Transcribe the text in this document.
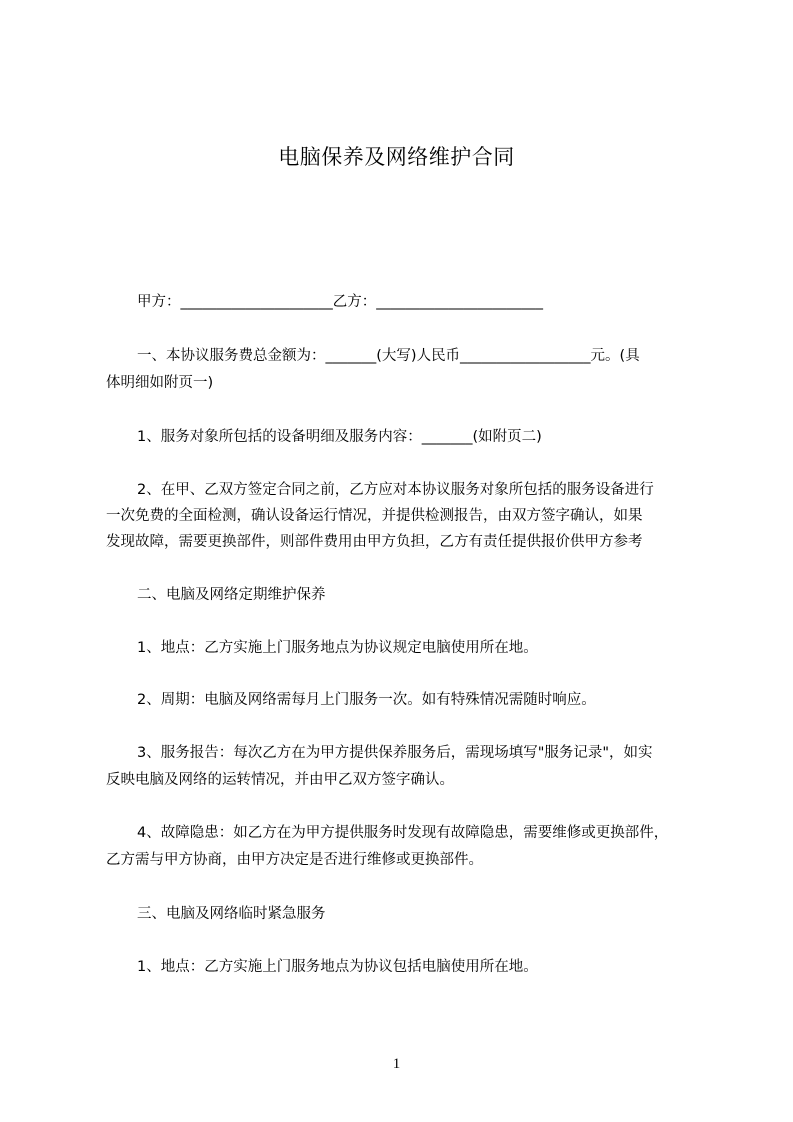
电脑保养及网络维护合同
甲方：_____________________乙方：_______________________
一、本协议服务费总金额为：_______(大写)人民币__________________元。(具
体明细如附页一)
1、服务对象所包括的设备明细及服务内容：_______(如附页二)
2、在甲、乙双方签定合同之前，乙方应对本协议服务对象所包括的服务设备进行
一次免费的全面检测，确认设备运行情况，并提供检测报告，由双方签字确认，如果
发现故障，需要更换部件，则部件费用由甲方负担，乙方有责任提供报价供甲方参考
二、电脑及网络定期维护保养
1、地点：乙方实施上门服务地点为协议规定电脑使用所在地。
2、周期：电脑及网络需每月上门服务一次。如有特殊情况需随时响应。
3、服务报告：每次乙方在为甲方提供保养服务后，需现场填写"服务记录"，如实
反映电脑及网络的运转情况，并由甲乙双方签字确认。
4、故障隐患：如乙方在为甲方提供服务时发现有故障隐患，需要维修或更换部件，
乙方需与甲方协商，由甲方决定是否进行维修或更换部件。
三、电脑及网络临时紧急服务
1、地点：乙方实施上门服务地点为协议包括电脑使用所在地。
1
